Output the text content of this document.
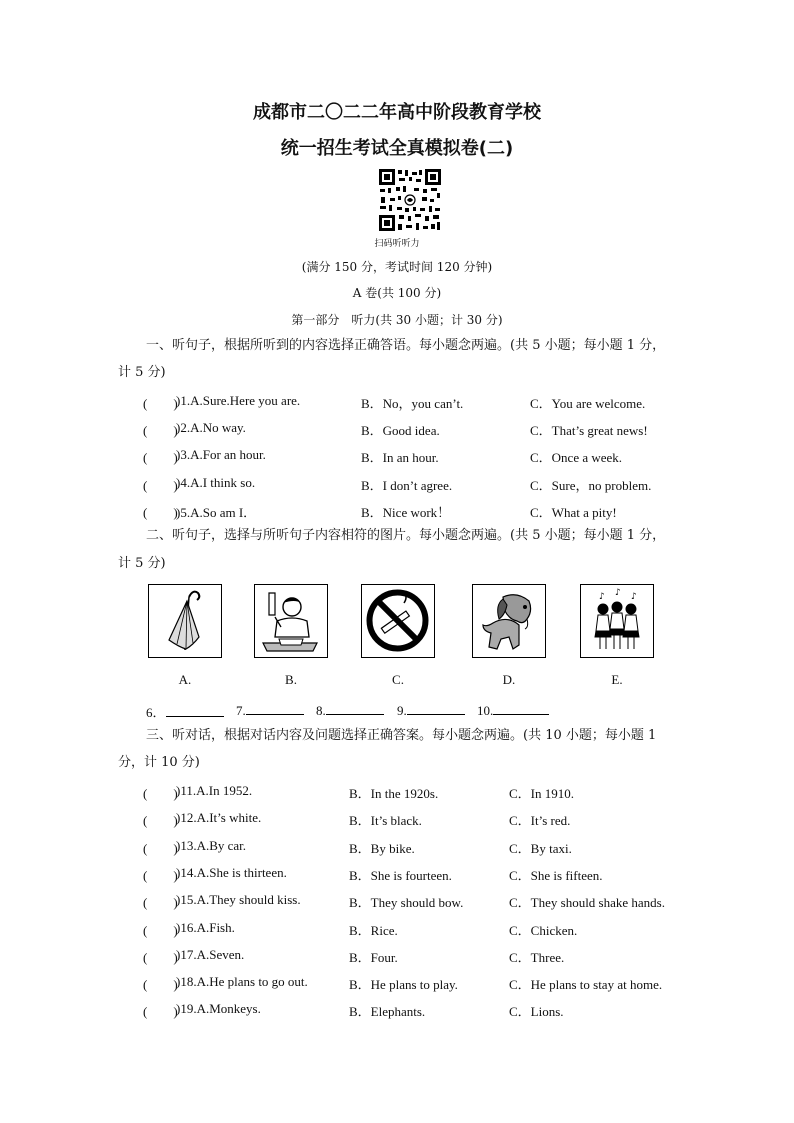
成都市二〇二二年高中阶段教育学校
统一招生考试全真模拟卷(二)
扫码听听力
(满分 150 分，考试时间 120 分钟)
A 卷(共 100 分)
第一部分　听力(共 30 小题；计 30 分)
一、听句子，根据所听到的内容选择正确答语。每小题念两遍。(共 5 小题；每小题 1 分，
计 5 分)
(　　)
)1.A.Sure.Here you are.	B．No，you can’t.	C．You are welcome.
(　　)
)2.A.No way.	B．Good idea.	C．That’s great news!
(　　)
)3.A.For an hour.	B．In an hour.	C．Once a week.
(　　)
)4.A.I think so.	B．I don’t agree.	C．Sure，no problem.
(　　)
)5.A.So am I．	B．Nice work！	C．What a pity!
二、听句子，选择与所听句子内容相符的图片。每小题念两遍。(共 5 小题；每小题 1 分，
计 5 分)
♪ ♪ ♪
A.	B.	C.	D.	E.
6．	7.	8.	9.	10.
三、听对话，根据对话内容及问题选择正确答案。每小题念两遍。(共 10 小题；每小题 1
分，计 10 分)
(　　)
)11.A.In 1952.	B．In the 1920s.	C．In 1910.
(　　)
)12.A.It’s white.	B．It’s black.	C．It’s red.
(　　)
)13.A.By car.	B．By bike.	C．By taxi.
(　　)
)14.A.She is thirteen.	B．She is fourteen.	C．She is fifteen.
(　　)
)15.A.They should kiss.	B．They should bow.	C．They should shake hands.
(　　)
)16.A.Fish.	B．Rice.	C．Chicken.
(　　)
)17.A.Seven.	B．Four.	C．Three.
(　　)
)18.A.He plans to go out.	B．He plans to play.	C．He plans to stay at home.
(　　)
)19.A.Monkeys.	B．Elephants.	C．Lions.
